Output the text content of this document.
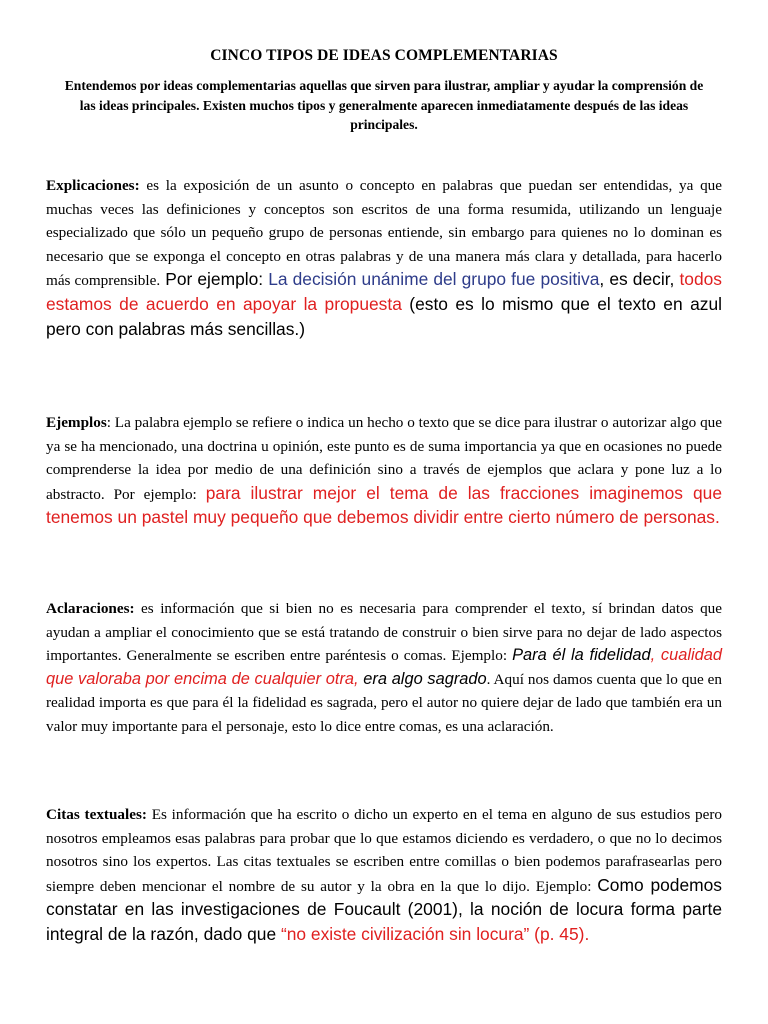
CINCO TIPOS DE IDEAS COMPLEMENTARIAS
Entendemos por ideas complementarias aquellas que sirven para ilustrar, ampliar y ayudar la comprensión de las ideas principales. Existen muchos tipos y generalmente aparecen inmediatamente después de las ideas principales.
Explicaciones: es la exposición de un asunto o concepto en palabras que puedan ser entendidas, ya que muchas veces las definiciones y conceptos son escritos de una forma resumida, utilizando un lenguaje especializado que sólo un pequeño grupo de personas entiende, sin embargo para quienes no lo dominan es necesario que se exponga el concepto en otras palabras y de una manera más clara y detallada, para hacerlo más comprensible. Por ejemplo: La decisión unánime del grupo fue positiva, es decir, todos estamos de acuerdo en apoyar la propuesta (esto es lo mismo que el texto en azul pero con palabras más sencillas.)
Ejemplos: La palabra ejemplo se refiere o indica un hecho o texto que se dice para ilustrar o autorizar algo que ya se ha mencionado, una doctrina u opinión, este punto es de suma importancia ya que en ocasiones no puede comprenderse la idea por medio de una definición sino a través de ejemplos que aclara y pone luz a lo abstracto. Por ejemplo: para ilustrar mejor el tema de las fracciones imaginemos que tenemos un pastel muy pequeño que debemos dividir entre cierto número de personas.
Aclaraciones: es información que si bien no es necesaria para comprender el texto, sí brindan datos que ayudan a ampliar el conocimiento que se está tratando de construir o bien sirve para no dejar de lado aspectos importantes. Generalmente se escriben entre paréntesis o comas. Ejemplo: Para él la fidelidad, cualidad que valoraba por encima de cualquier otra, era algo sagrado. Aquí nos damos cuenta que lo que en realidad importa es que para él la fidelidad es sagrada, pero el autor no quiere dejar de lado que también era un valor muy importante para el personaje, esto lo dice entre comas, es una aclaración.
Citas textuales: Es información que ha escrito o dicho un experto en el tema en alguno de sus estudios pero nosotros empleamos esas palabras para probar que lo que estamos diciendo es verdadero, o que no lo decimos nosotros sino los expertos. Las citas textuales se escriben entre comillas o bien podemos parafrasearlas pero siempre deben mencionar el nombre de su autor y la obra en la que lo dijo. Ejemplo: Como podemos constatar en las investigaciones de Foucault (2001), la noción de locura forma parte integral de la razón, dado que “no existe civilización sin locura” (p. 45).
